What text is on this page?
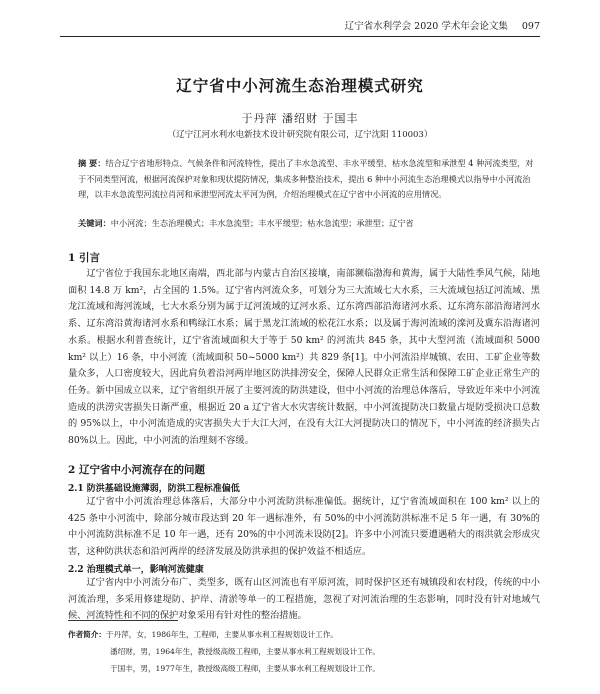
辽宁省水利学会 2020 学术年会论文集 097
辽宁省中小河流生态治理模式研究
于丹萍 潘绍财 于国丰
（辽宁江河水利水电新技术设计研究院有限公司，辽宁沈阳 110003）
摘 要：结合辽宁省地形特点、气候条件和河流特性，提出了丰水急流型、丰水平缓型、枯水急流型和承泄型 4 种河流类型，对于不同类型河流，根据河流保护对象和现状提防情况，集成多种整治技术，提出 6 种中小河流生态治理模式以指导中小河流治理，以丰水急流型河流拉肖河和承泄型河流太平河为例，介绍治理模式在辽宁省中小河流的应用情况。
关键词：中小河流；生态治理模式；丰水急流型；丰水平缓型；枯水急流型；承泄型；辽宁省
1 引言

辽宁省位于我国东北地区南端，西北部与内蒙古自治区接壤，南部濒临渤海和黄海，属于大陆性季风气候，陆地面积 14.8 万 km²，占全国的 1.5%。辽宁省内河流众多，可划分为三大流域七大水系，三大流域包括辽河流域、黑龙江流域和海河流域，七大水系分别为属于辽河流域的辽河水系、辽东湾西部沿海诸河水系、辽东湾东部沿海诸河水系、辽东湾沿黄海诸河水系和鸭绿江水系；属于黑龙江流域的松花江水系；以及属于海河流域的滦河及冀东沿海诸河水系。根据水利普查统计，辽宁省流域面积大于等于 50 km² 的河流共 845 条，其中大型河流（流域面积 5000 km² 以上）16 条，中小河流（流域面积 50~5000 km²）共 829 条[1]。中小河流沿岸城镇、农田、工矿企业等数量众多，人口密度较大，因此肩负着沿河两岸地区防洪排涝安全，保障人民群众正常生活和保障工矿企业正常生产的任务。新中国成立以来，辽宁省组织开展了主要河流的防洪建设，但中小河流的治理总体落后，导致近年来中小河流造成的洪涝灾害损失日渐严重，根据近 20 a 辽宁省大水灾害统计数据，中小河流提防决口数量占堤防受损决口总数的 95%以上，中小河流造成的灾害损失大于大江大河，在没有大江大河提防决口的情况下，中小河流的经济损失占 80%以上。因此，中小河流的治理刻不容缓。

2 辽宁省中小河流存在的问题
2.1 防洪基础设施薄弱，防洪工程标准偏低

辽宁省中小河流治理总体落后，大部分中小河流防洪标准偏低。据统计，辽宁省流域面积在 100 km² 以上的 425 条中小河流中，除部分城市段达到 20 年一遇标准外，有 50%的中小河流防洪标准不足 5 年一遇，有 30%的中小河流防洪标准不足 10 年一遇，还有 20%的中小河流未设防[2]。许多中小河流只要遭遇稍大的雨洪就会形成灾害，这种防洪状态和沿河两岸的经济发展及防洪承担的保护效益不相适应。

2.2 治理模式单一，影响河流健康

辽宁省内中小河流分布广、类型多，既有山区河流也有平原河流，同时保护区还有城镇段和农村段，传统的中小河流治理，多采用修建堤防、护岸、清淤等单一的工程措施，忽视了对河流治理的生态影响，同时没有针对地域气候、河流特性和不同的保护对象采用有针对性的整治措施。

作者简介：于丹萍，女，1986年生，工程师，主要从事水利工程规划设计工作。
潘绍财，男，1964年生，教授级高级工程师，主要从事水利工程规划设计工作。
于国丰，男，1977年生，教授级高级工程师，主要从事水利工程规划设计工作。
